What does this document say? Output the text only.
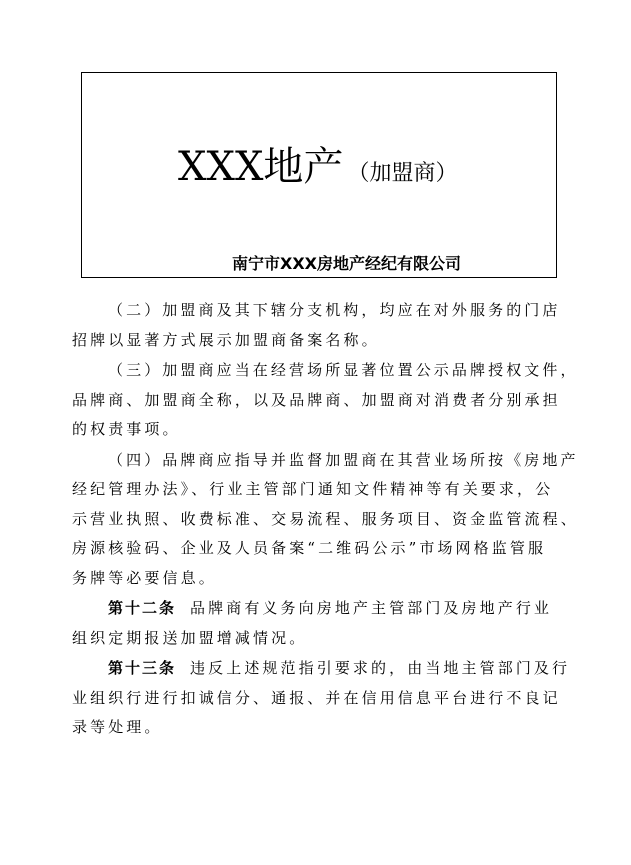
XXX地产 （加盟商）
南宁市XXX房地产经纪有限公司
（二）加盟商及其下辖分支机构，均应在对外服务的门店
招牌以显著方式展示加盟商备案名称。
（三）加盟商应当在经营场所显著位置公示品牌授权文件，
品牌商、加盟商全称，以及品牌商、加盟商对消费者分别承担
的权责事项。
（四）品牌商应指导并监督加盟商在其营业场所按《房地产
经纪管理办法》、行业主管部门通知文件精神等有关要求，公
示营业执照、收费标准、交易流程、服务项目、资金监管流程、
房源核验码、企业及人员备案“二维码公示”市场网格监管服
务牌等必要信息。
第十二条 品牌商有义务向房地产主管部门及房地产行业
组织定期报送加盟增减情况。
第十三条 违反上述规范指引要求的，由当地主管部门及行
业组织行进行扣诚信分、通报、并在信用信息平台进行不良记
录等处理。
